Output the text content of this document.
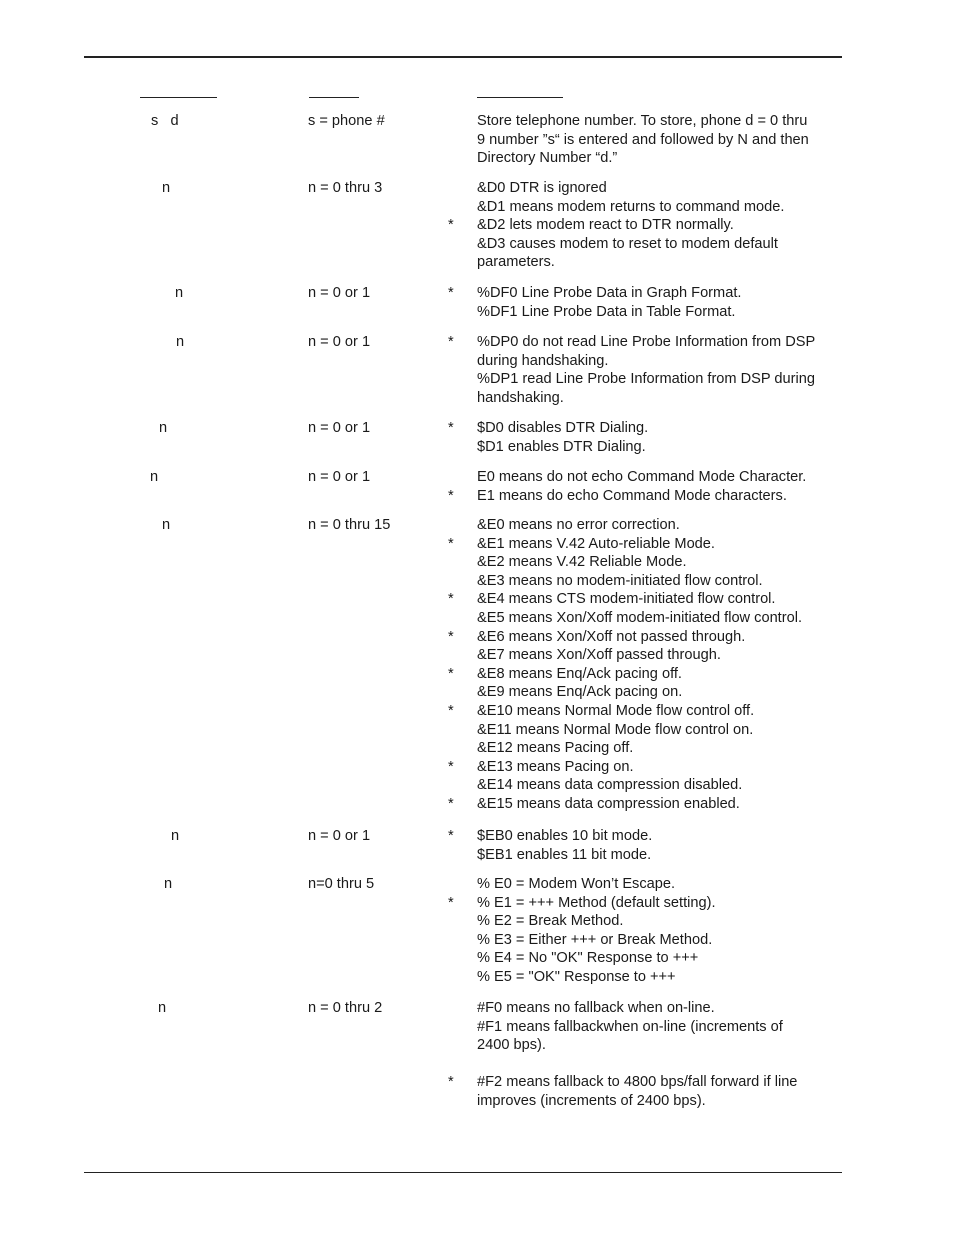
s   d	s = phone #	Store telephone number. To store, phone d = 0 thru
9 number ”s“ is entered and followed by N and then
Directory Number “d.”
n	n = 0 thru 3	&D0 DTR is ignored
&D1 means modem returns to command mode.
* &D2 lets modem react to DTR normally.
&D3 causes modem to reset to modem default
parameters.
n	n = 0 or 1	* %DF0 Line Probe Data in Graph Format.
%DF1 Line Probe Data in Table Format.
n	n = 0 or 1	* %DP0 do not read Line Probe Information from DSP
during handshaking.
%DP1 read Line Probe Information from DSP during
handshaking.
n	n = 0 or 1	* $D0 disables DTR Dialing.
$D1 enables DTR Dialing.
n	n = 0 or 1	E0 means do not echo Command Mode Character.
* E1 means do echo Command Mode characters.
n	n = 0 thru 15	&E0 means no error correction.
* &E1 means V.42 Auto-reliable Mode.
&E2 means V.42 Reliable Mode.
&E3 means no modem-initiated flow control.
* &E4 means CTS modem-initiated flow control.
&E5 means Xon/Xoff modem-initiated flow control.
* &E6 means Xon/Xoff not passed through.
&E7 means Xon/Xoff passed through.
* &E8 means Enq/Ack pacing off.
&E9 means Enq/Ack pacing on.
* &E10 means Normal Mode flow control off.
&E11 means Normal Mode flow control on.
&E12 means Pacing off.
* &E13 means Pacing on.
&E14 means data compression disabled.
* &E15 means data compression enabled.
n	n = 0 or 1	* $EB0 enables 10 bit mode.
$EB1 enables 11 bit mode.
n	n=0 thru 5	% E0 = Modem Won’t Escape.
* % E1 = +++ Method (default setting).
% E2 = Break Method.
% E3 = Either +++ or Break Method.
% E4 = No "OK" Response to +++
% E5 = "OK" Response to +++
n	n = 0 thru 2	#F0 means no fallback when on-line.
#F1 means fallbackwhen on-line (increments of
2400 bps).
* #F2 means fallback to 4800 bps/fall forward if line
improves (increments of 2400 bps).
